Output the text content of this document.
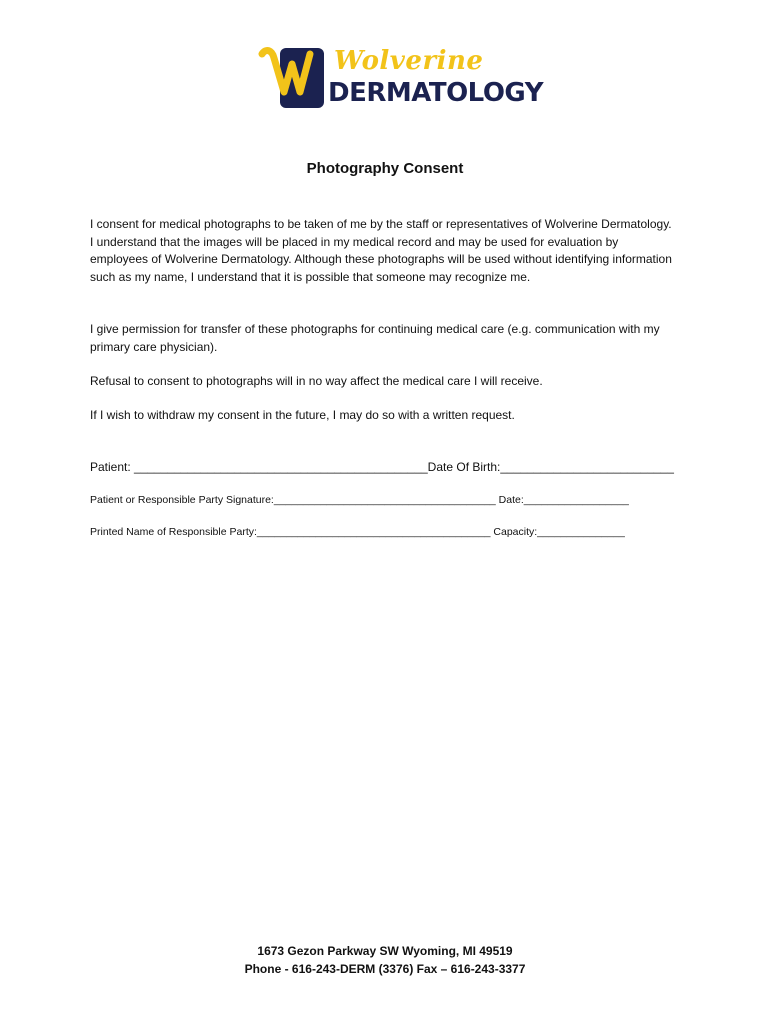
Wolverine
DERMATOLOGY
Photography Consent

I consent for medical photographs to be taken of me by the staff or representatives of Wolverine Dermatology. I understand that the images will be placed in my medical record and may be used for evaluation by employees of Wolverine Dermatology. Although these photographs will be used without identifying information such as my name, I understand that it is possible that someone may recognize me.

I give permission for transfer of these photographs for continuing medical care (e.g. communication with my primary care physician).

Refusal to consent to photographs will in no way affect the medical care I will receive.

If I wish to withdraw my consent in the future, I may do so with a written request.

Patient: ____________________________________________Date Of Birth:__________________________
Patient or Responsible Party Signature:______________________________________ Date:__________________
Printed Name of Responsible Party:________________________________________ Capacity:_______________
1673 Gezon Parkway SW Wyoming, MI 49519
Phone - 616-243-DERM (3376) Fax – 616-243-3377
